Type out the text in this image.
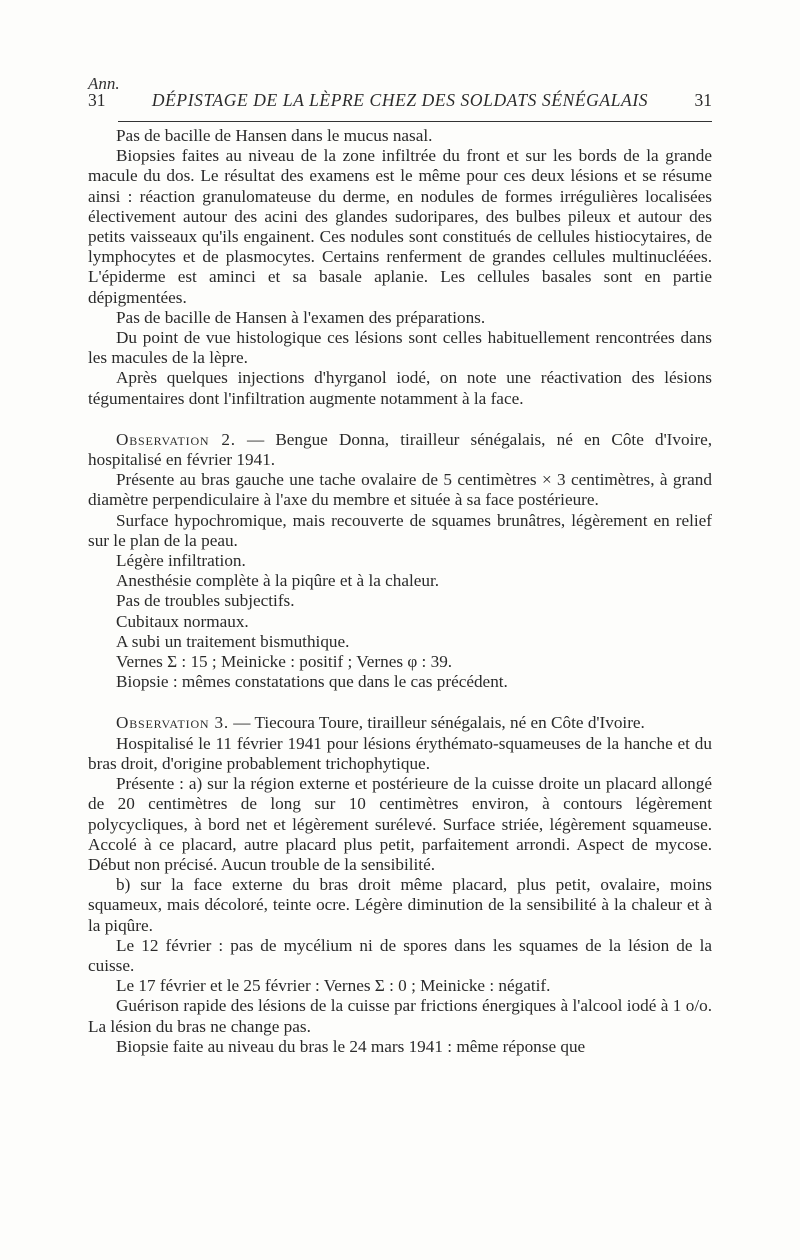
Ann.
31	DÉPISTAGE DE LA LÈPRE CHEZ DES SOLDATS SÉNÉGALAIS	31

Pas de bacille de Hansen dans le mucus nasal.

Biopsies faites au niveau de la zone infiltrée du front et sur les bords de la grande macule du dos. Le résultat des examens est le même pour ces deux lésions et se résume ainsi : réaction granulomateuse du derme, en nodules de formes irrégulières localisées électivement autour des acini des glandes sudoripares, des bulbes pileux et autour des petits vaisseaux qu'ils engainent. Ces nodules sont constitués de cellules histiocytaires, de lymphocytes et de plasmocytes. Certains renferment de grandes cellules multinucléées. L'épiderme est aminci et sa basale aplanie. Les cellules basales sont en partie dépigmentées.

Pas de bacille de Hansen à l'examen des préparations.

Du point de vue histologique ces lésions sont celles habituellement rencontrées dans les macules de la lèpre.

Après quelques injections d'hyrganol iodé, on note une réactivation des lésions tégumentaires dont l'infiltration augmente notamment à la face.

Observation 2. — Bengue Donna, tirailleur sénégalais, né en Côte d'Ivoire, hospitalisé en février 1941.

Présente au bras gauche une tache ovalaire de 5 centimètres × 3 centimètres, à grand diamètre perpendiculaire à l'axe du membre et située à sa face postérieure.

Surface hypochromique, mais recouverte de squames brunâtres, légèrement en relief sur le plan de la peau.

Légère infiltration.

Anesthésie complète à la piqûre et à la chaleur.

Pas de troubles subjectifs.

Cubitaux normaux.

A subi un traitement bismuthique.

Vernes Σ : 15 ; Meinicke : positif ; Vernes φ : 39.

Biopsie : mêmes constatations que dans le cas précédent.

Observation 3. — Tiecoura Toure, tirailleur sénégalais, né en Côte d'Ivoire.

Hospitalisé le 11 février 1941 pour lésions érythémato-squameuses de la hanche et du bras droit, d'origine probablement trichophytique.

Présente : a) sur la région externe et postérieure de la cuisse droite un placard allongé de 20 centimètres de long sur 10 centimètres environ, à contours légèrement polycycliques, à bord net et légèrement surélevé. Surface striée, légèrement squameuse. Accolé à ce placard, autre placard plus petit, parfaitement arrondi. Aspect de mycose. Début non précisé. Aucun trouble de la sensibilité.

b) sur la face externe du bras droit même placard, plus petit, ovalaire, moins squameux, mais décoloré, teinte ocre. Légère diminution de la sensibilité à la chaleur et à la piqûre.

Le 12 février : pas de mycélium ni de spores dans les squames de la lésion de la cuisse.

Le 17 février et le 25 février : Vernes Σ : 0 ; Meinicke : négatif.

Guérison rapide des lésions de la cuisse par frictions énergiques à l'alcool iodé à 1 o/o. La lésion du bras ne change pas.

Biopsie faite au niveau du bras le 24 mars 1941 : même réponse que
